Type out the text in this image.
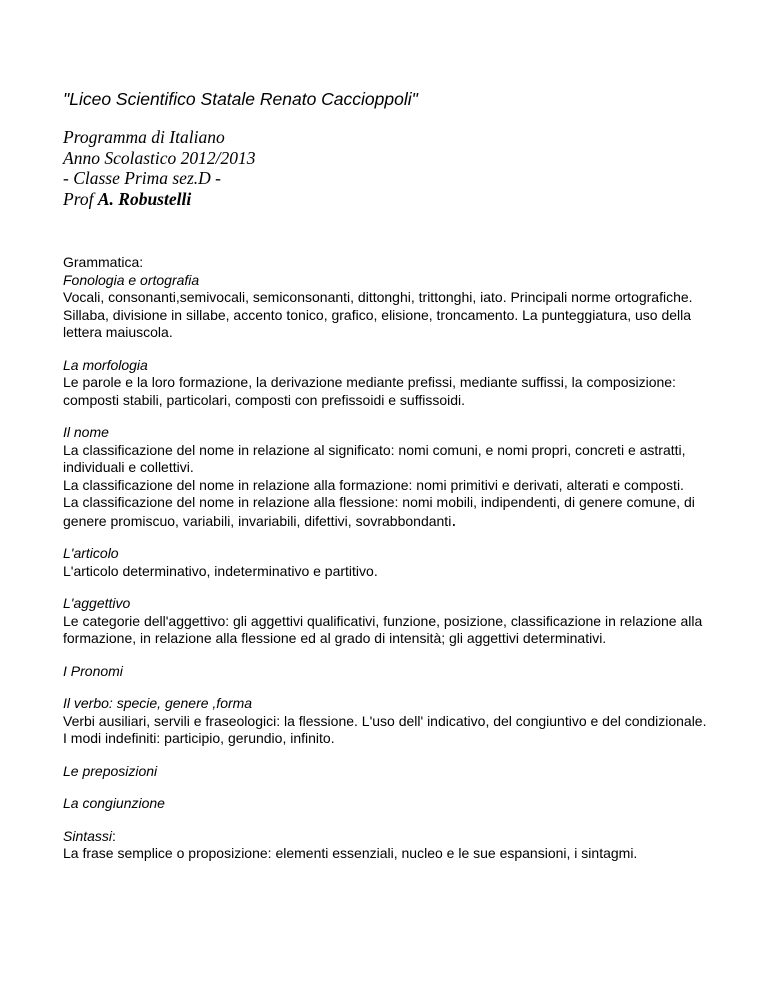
"Liceo Scientifico Statale Renato Caccioppoli"
Programma di Italiano
Anno Scolastico 2012/2013
- Classe Prima sez.D -
Prof A. Robustelli

Grammatica:
Fonologia e ortografia
Vocali, consonanti,semivocali, semiconsonanti, dittonghi, trittonghi, iato. Principali norme ortografiche. Sillaba, divisione in sillabe, accento tonico, grafico, elisione, troncamento. La punteggiatura, uso della lettera maiuscola.

La morfologia
Le parole e la loro formazione, la derivazione mediante prefissi, mediante suffissi, la composizione: composti stabili, particolari, composti con prefissoidi e suffissoidi.

Il nome
La classificazione del nome in relazione al significato: nomi comuni, e nomi propri, concreti e astratti, individuali e collettivi.
La classificazione del nome in relazione alla formazione: nomi primitivi e derivati, alterati e composti.
La classificazione del nome in relazione alla flessione: nomi mobili, indipendenti, di genere comune, di genere promiscuo, variabili, invariabili, difettivi, sovrabbondanti.

L'articolo
L'articolo determinativo, indeterminativo e partitivo.

L'aggettivo
Le categorie dell'aggettivo: gli aggettivi qualificativi, funzione, posizione, classificazione in relazione alla formazione, in relazione alla flessione ed al grado di intensità; gli aggettivi determinativi.

I Pronomi

Il verbo: specie, genere ,forma
Verbi ausiliari, servili e fraseologici: la flessione. L'uso dell' indicativo, del congiuntivo e del condizionale. I modi indefiniti: participio, gerundio, infinito.

Le preposizioni

La congiunzione

Sintassi:
La frase semplice o proposizione: elementi essenziali, nucleo e le sue espansioni, i sintagmi.
